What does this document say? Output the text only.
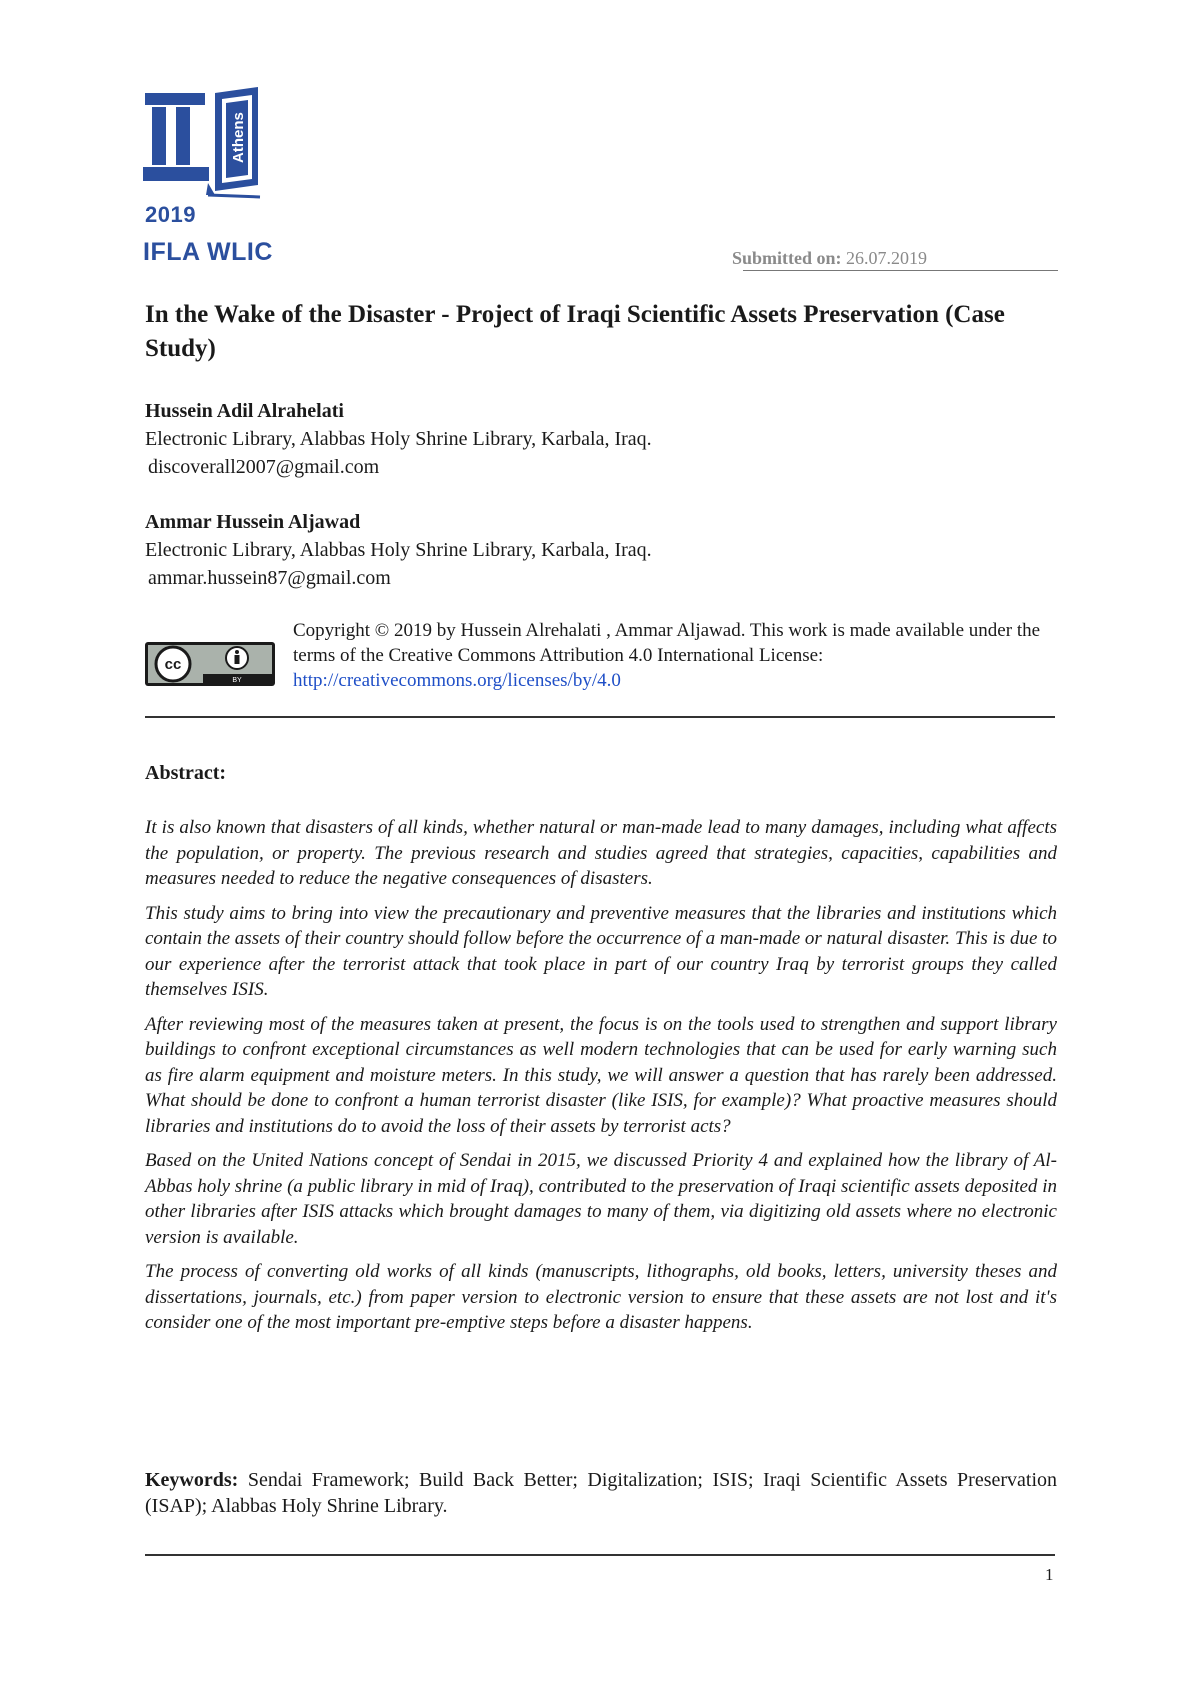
Athens
2019
IFLA WLIC	Submitted on: 26.07.2019
In the Wake of the Disaster - Project of Iraqi Scientific Assets Preservation (Case Study)
Hussein Adil Alrahelati
Electronic Library, Alabbas Holy Shrine Library, Karbala, Iraq.
discoverall2007@gmail.com
Ammar Hussein Aljawad
Electronic Library, Alabbas Holy Shrine Library, Karbala, Iraq.
ammar.hussein87@gmail.com
cc
BY
Copyright © 2019 by Hussein Alrehalati , Ammar Aljawad. This work is made available under the terms of the Creative Commons Attribution 4.0 International License: http://creativecommons.org/licenses/by/4.0
Abstract:

It is also known that disasters of all kinds, whether natural or man-made lead to many damages, including what affects the population, or property. The previous research and studies agreed that strategies, capacities, capabilities and measures needed to reduce the negative consequences of disasters.

This study aims to bring into view the precautionary and preventive measures that the libraries and institutions which contain the assets of their country should follow before the occurrence of a man-made or natural disaster. This is due to our experience after the terrorist attack that took place in part of our country Iraq by terrorist groups they called themselves ISIS.

After reviewing most of the measures taken at present, the focus is on the tools used to strengthen and support library buildings to confront exceptional circumstances as well modern technologies that can be used for early warning such as fire alarm equipment and moisture meters. In this study, we will answer a question that has rarely been addressed. What should be done to confront a human terrorist disaster (like ISIS, for example)? What proactive measures should libraries and institutions do to avoid the loss of their assets by terrorist acts?

Based on the United Nations concept of Sendai in 2015, we discussed Priority 4 and explained how the library of Al-Abbas holy shrine (a public library in mid of Iraq), contributed to the preservation of Iraqi scientific assets deposited in other libraries after ISIS attacks which brought damages to many of them, via digitizing old assets where no electronic version is available.

The process of converting old works of all kinds (manuscripts, lithographs, old books, letters, university theses and dissertations, journals, etc.) from paper version to electronic version to ensure that these assets are not lost and it's consider one of the most important pre-emptive steps before a disaster happens.

Keywords: Sendai Framework; Build Back Better; Digitalization; ISIS; Iraqi Scientific Assets Preservation (ISAP); Alabbas Holy Shrine Library.
1
